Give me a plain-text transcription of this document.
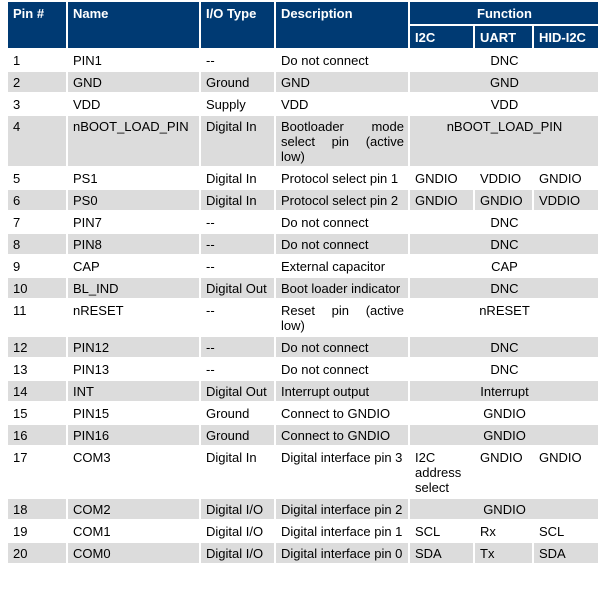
Pin #	Name	I/O Type	Description	Function		
				I2C	UART	HID-I2C
1	PIN1	--	Do not connect	DNC		
2	GND	Ground	GND	GND		
3	VDD	Supply	VDD	VDD		
4	nBOOT_LOAD_PIN	Digital In	Bootloader mode select pin (active low)	nBOOT_LOAD_PIN		
5	PS1	Digital In	Protocol select pin 1	GNDIO	VDDIO	GNDIO
6	PS0	Digital In	Protocol select pin 2	GNDIO	GNDIO	VDDIO
7	PIN7	--	Do not connect	DNC		
8	PIN8	--	Do not connect	DNC		
9	CAP	--	External capacitor	CAP		
10	BL_IND	Digital Out	Boot loader indicator	DNC		
11	nRESET	--	Reset pin (active low)	nRESET		
12	PIN12	--	Do not connect	DNC		
13	PIN13	--	Do not connect	DNC		
14	INT	Digital Out	Interrupt output	Interrupt		
15	PIN15	Ground	Connect to GNDIO	GNDIO		
16	PIN16	Ground	Connect to GNDIO	GNDIO		
17	COM3	Digital In	Digital interface pin 3	I2C address select	GNDIO	GNDIO
18	COM2	Digital I/O	Digital interface pin 2	GNDIO		
19	COM1	Digital I/O	Digital interface pin 1	SCL	Rx	SCL
20	COM0	Digital I/O	Digital interface pin 0	SDA	Tx	SDA
